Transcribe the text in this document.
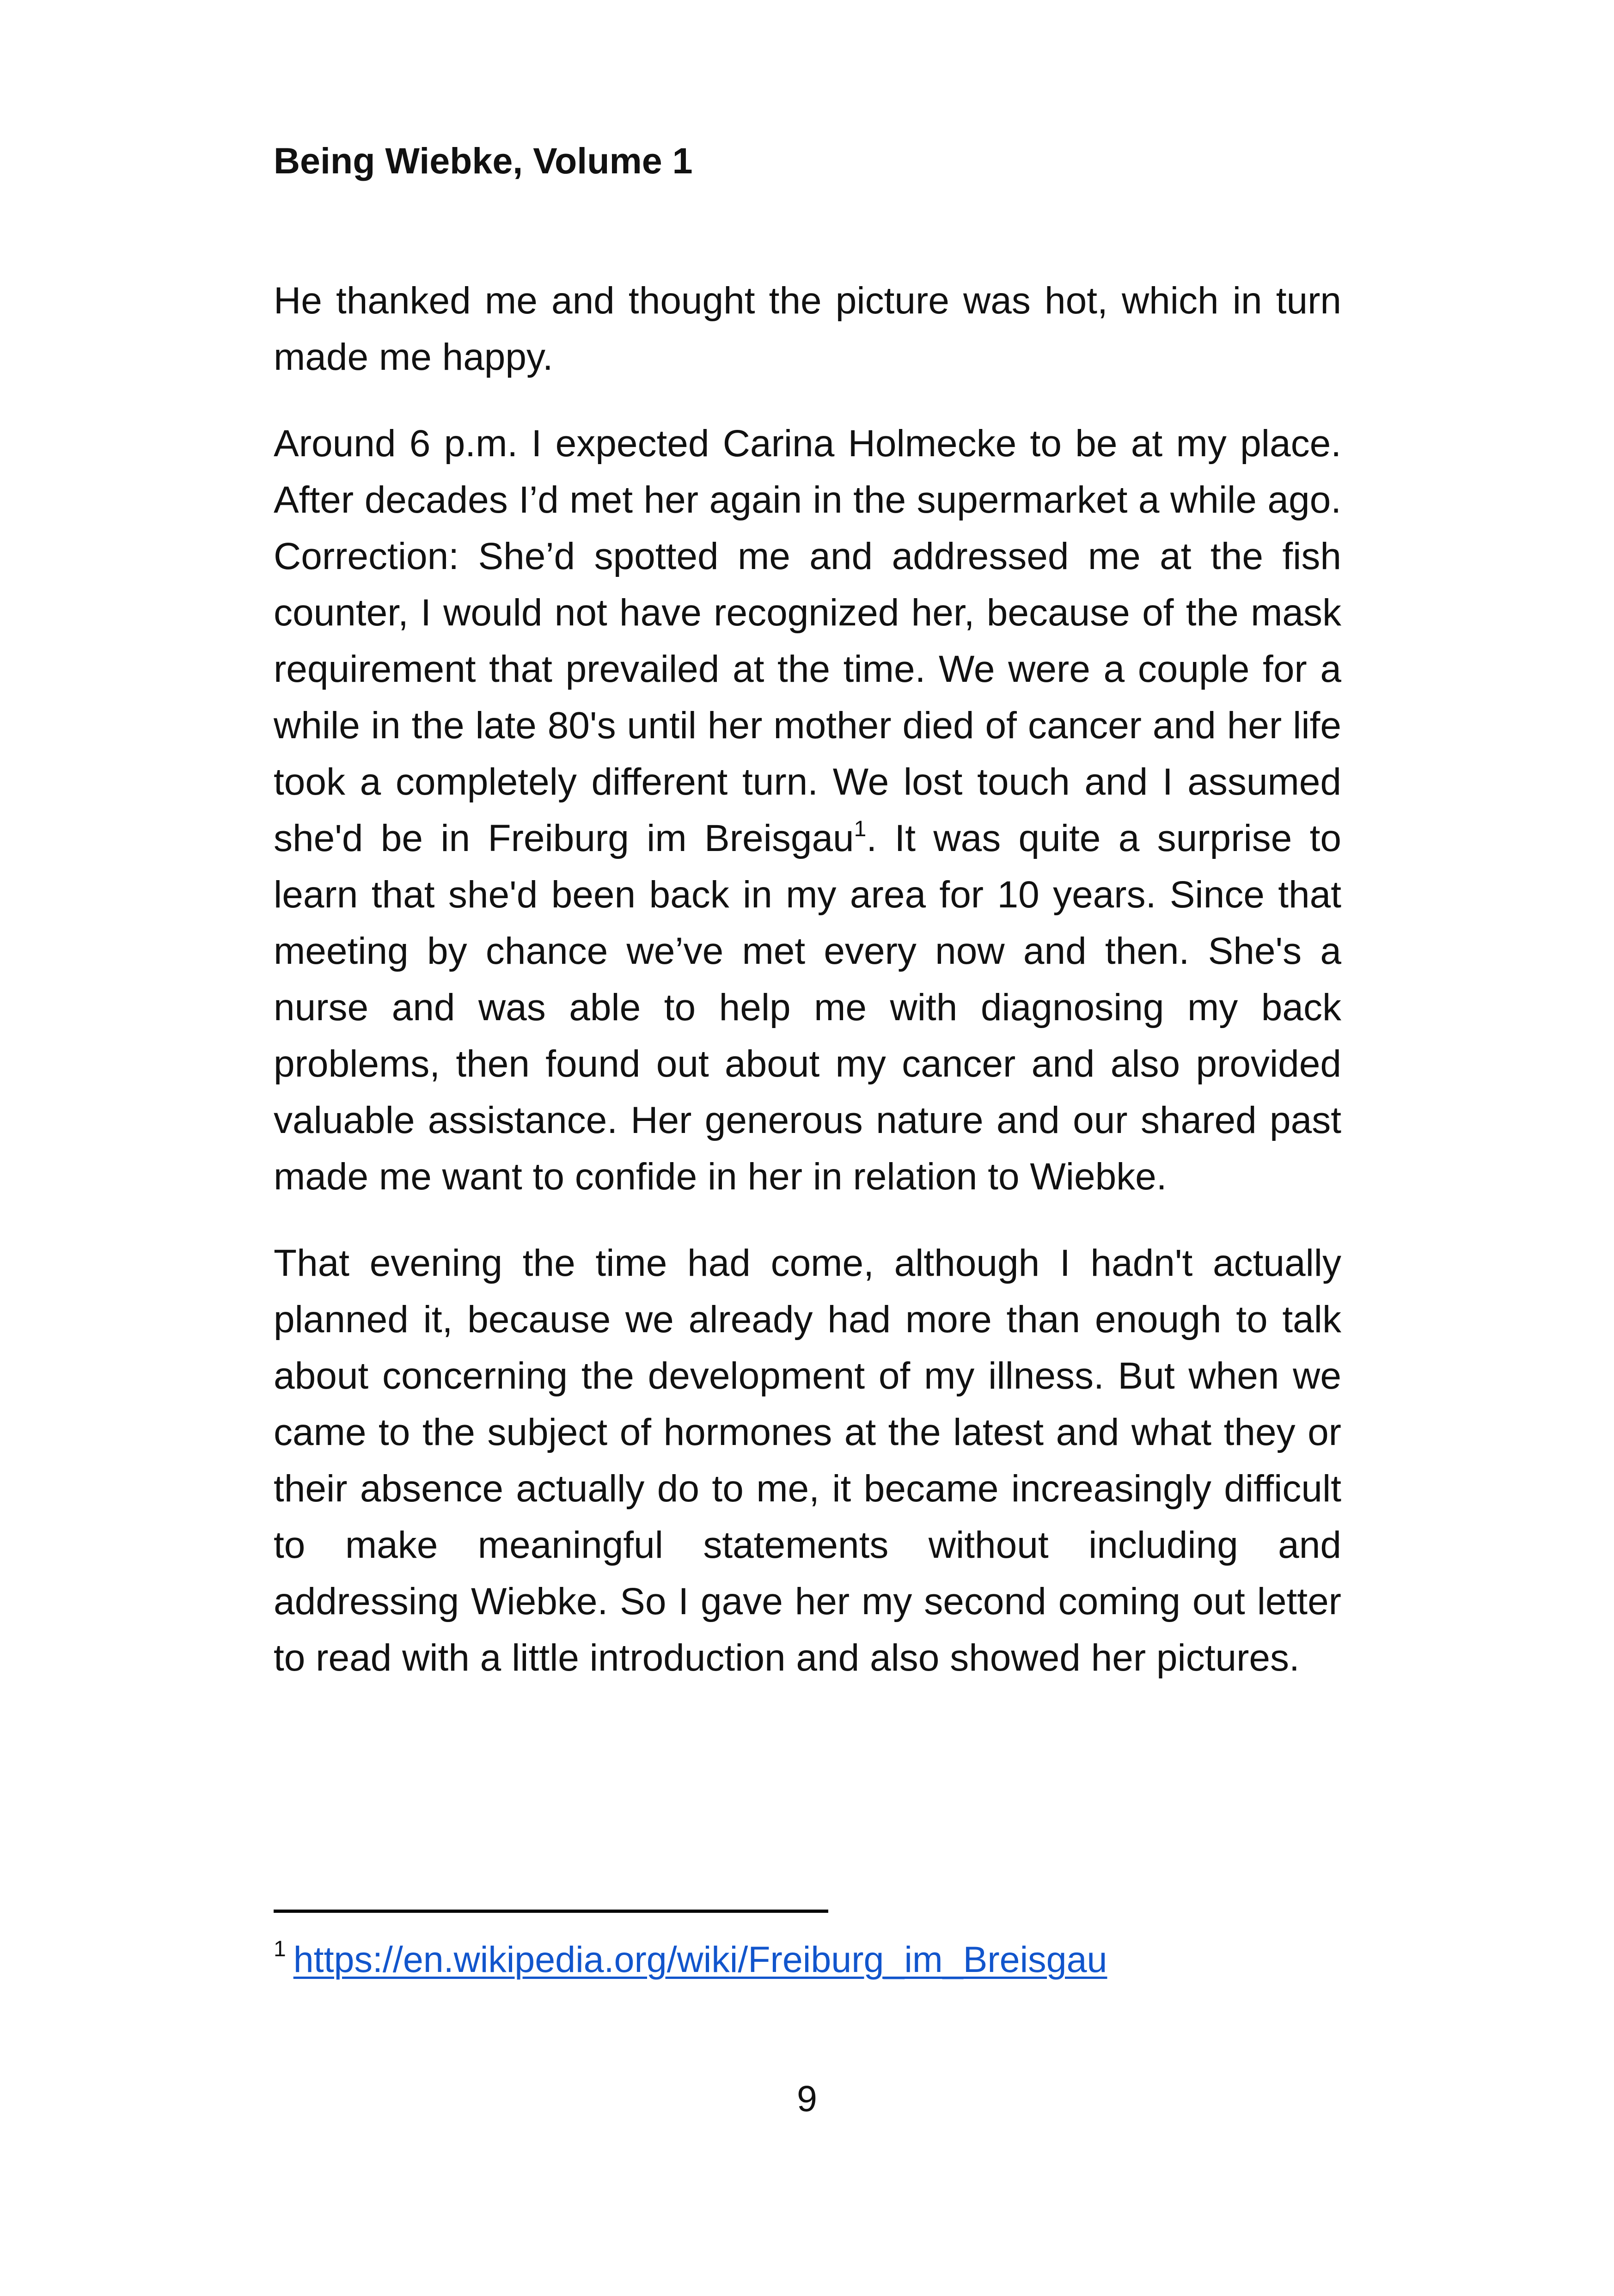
Being Wiebke, Volume 1

He thanked me and thought the picture was hot, which in turn made me happy.

Around 6 p.m. I expected Carina Holmecke to be at my place. After decades I’d met her again in the supermarket a while ago. Correction: She’d spotted me and addressed me at the fish counter, I would not have recognized her, because of the mask requirement that prevailed at the time. We were a couple for a while in the late 80's until her mother died of cancer and her life took a completely different turn. We lost touch and I assumed she'd be in Freiburg im Breisgau$^1$. It was quite a surprise to learn that she'd been back in my area for 10 years. Since that meeting by chance we’ve met every now and then. She's a nurse and was able to help me with diagnosing my back problems, then found out about my cancer and also provided valuable assistance. Her generous nature and our shared past made me want to confide in her in relation to Wiebke.

That evening the time had come, although I hadn't actually planned it, because we already had more than enough to talk about concerning the development of my illness. But when we came to the subject of hormones at the latest and what they or their absence actually do to me, it became increasingly difficult to make meaningful statements without including and addressing Wiebke. So I gave her my second coming out letter to read with a little introduction and also showed her pictures.

$^1$ https://en.wikipedia.org/wiki/Freiburg_im_Breisgau
9
